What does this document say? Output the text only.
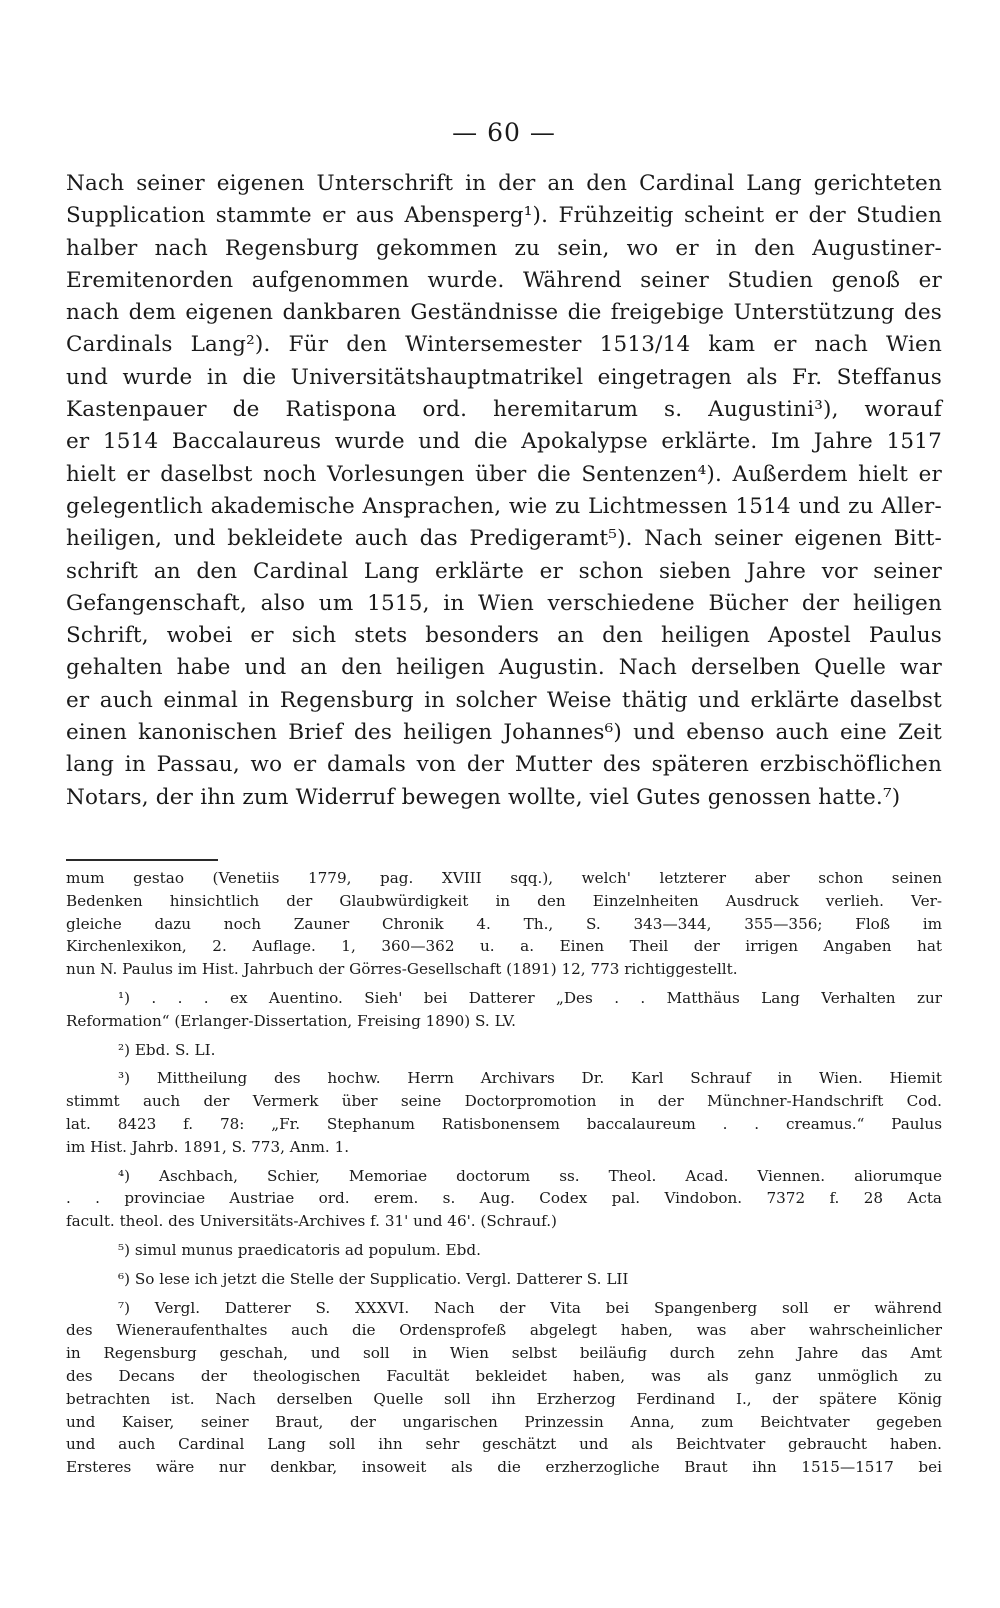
— 60 —
Nach seiner eigenen Unterschrift in der an den Cardinal Lang gerichteten
Supplication stammte er aus Abensperg¹). Frühzeitig scheint er der Studien
halber nach Regensburg gekommen zu sein, wo er in den Augustiner-
Eremitenorden aufgenommen wurde. Während seiner Studien genoß er
nach dem eigenen dankbaren Geständnisse die freigebige Unterstützung des
Cardinals Lang²). Für den Wintersemester 1513/14 kam er nach Wien
und wurde in die Universitätshauptmatrikel eingetragen als Fr. Steffanus
Kastenpauer de Ratispona ord. heremitarum s. Augustini³), worauf
er 1514 Baccalaureus wurde und die Apokalypse erklärte. Im Jahre 1517
hielt er daselbst noch Vorlesungen über die Sentenzen⁴). Außerdem hielt er
gelegentlich akademische Ansprachen, wie zu Lichtmessen 1514 und zu Aller-
heiligen, und bekleidete auch das Predigeramt⁵). Nach seiner eigenen Bitt-
schrift an den Cardinal Lang erklärte er schon sieben Jahre vor seiner
Gefangenschaft, also um 1515, in Wien verschiedene Bücher der heiligen
Schrift, wobei er sich stets besonders an den heiligen Apostel Paulus
gehalten habe und an den heiligen Augustin. Nach derselben Quelle war
er auch einmal in Regensburg in solcher Weise thätig und erklärte daselbst
einen kanonischen Brief des heiligen Johannes⁶) und ebenso auch eine Zeit
lang in Passau, wo er damals von der Mutter des späteren erzbischöflichen
Notars, der ihn zum Widerruf bewegen wollte, viel Gutes genossen hatte.⁷)
mum gestao (Venetiis 1779, pag. XVIII sqq.), welch' letzterer aber schon seinen
Bedenken hinsichtlich der Glaubwürdigkeit in den Einzelnheiten Ausdruck verlieh. Ver-
gleiche dazu noch Zauner Chronik 4. Th., S. 343—344, 355—356; Floß im
Kirchenlexikon, 2. Auflage. 1, 360—362 u. a. Einen Theil der irrigen Angaben hat
nun N. Paulus im Hist. Jahrbuch der Görres-Gesellschaft (1891) 12, 773 richtiggestellt.
¹) . . . ex Auentino. Sieh' bei Datterer „Des . . Matthäus Lang Verhalten zur
Reformation“ (Erlanger-Dissertation, Freising 1890) S. LV.
²) Ebd. S. LI.
³) Mittheilung des hochw. Herrn Archivars Dr. Karl Schrauf in Wien. Hiemit
stimmt auch der Vermerk über seine Doctorpromotion in der Münchner-Handschrift Cod.
lat. 8423 f. 78: „Fr. Stephanum Ratisbonensem baccalaureum . . creamus.“ Paulus
im Hist. Jahrb. 1891, S. 773, Anm. 1.
⁴) Aschbach, Schier, Memoriae doctorum ss. Theol. Acad. Viennen. aliorumque
. . provinciae Austriae ord. erem. s. Aug. Codex pal. Vindobon. 7372 f. 28 Acta
facult. theol. des Universitäts-Archives f. 31' und 46'. (Schrauf.)
⁵) simul munus praedicatoris ad populum. Ebd.
⁶) So lese ich jetzt die Stelle der Supplicatio. Vergl. Datterer S. LII
⁷) Vergl. Datterer S. XXXVI. Nach der Vita bei Spangenberg soll er während
des Wieneraufenthaltes auch die Ordensprofeß abgelegt haben, was aber wahrscheinlicher
in Regensburg geschah, und soll in Wien selbst beiläufig durch zehn Jahre das Amt
des Decans der theologischen Facultät bekleidet haben, was als ganz unmöglich zu
betrachten ist. Nach derselben Quelle soll ihn Erzherzog Ferdinand I., der spätere König
und Kaiser, seiner Braut, der ungarischen Prinzessin Anna, zum Beichtvater gegeben
und auch Cardinal Lang soll ihn sehr geschätzt und als Beichtvater gebraucht haben.
Ersteres wäre nur denkbar, insoweit als die erzherzogliche Braut ihn 1515—1517 bei
